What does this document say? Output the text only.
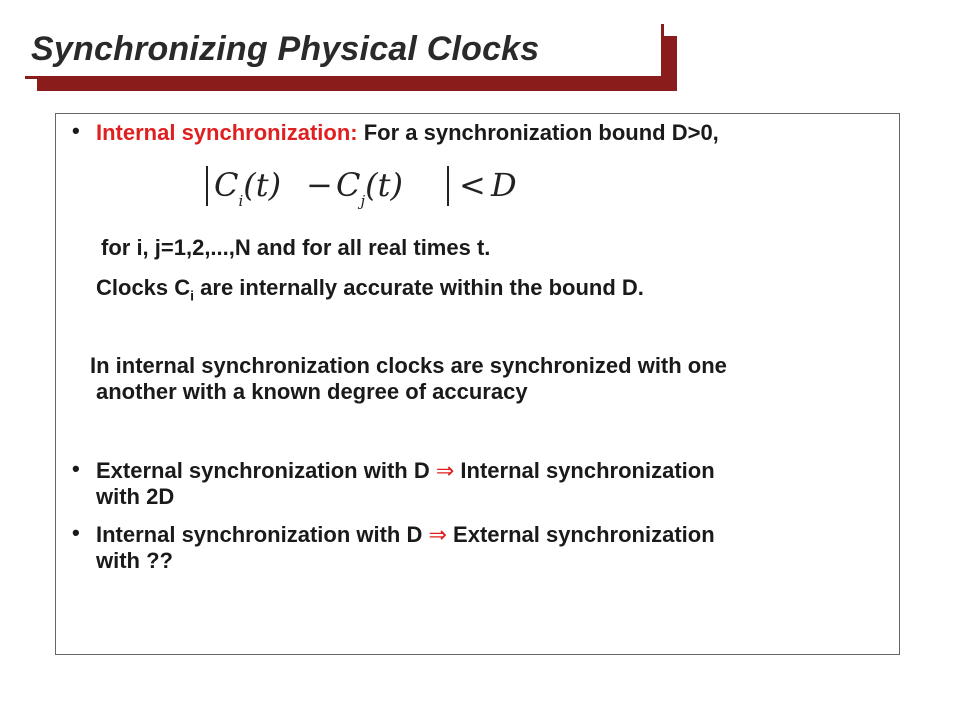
Synchronizing Physical Clocks
• Internal synchronization: For a synchronization bound D>0,
$C_i(t) - C_j(t) < D$
for i, j=1,2,...,N and for all real times t.
Clocks $C_i$ are internally accurate within the bound D.
In internal synchronization clocks are synchronized with one
another with a known degree of accuracy
• External synchronization with D ⇒ Internal synchronization
with 2D
• Internal synchronization with D ⇒ External synchronization
with ??
